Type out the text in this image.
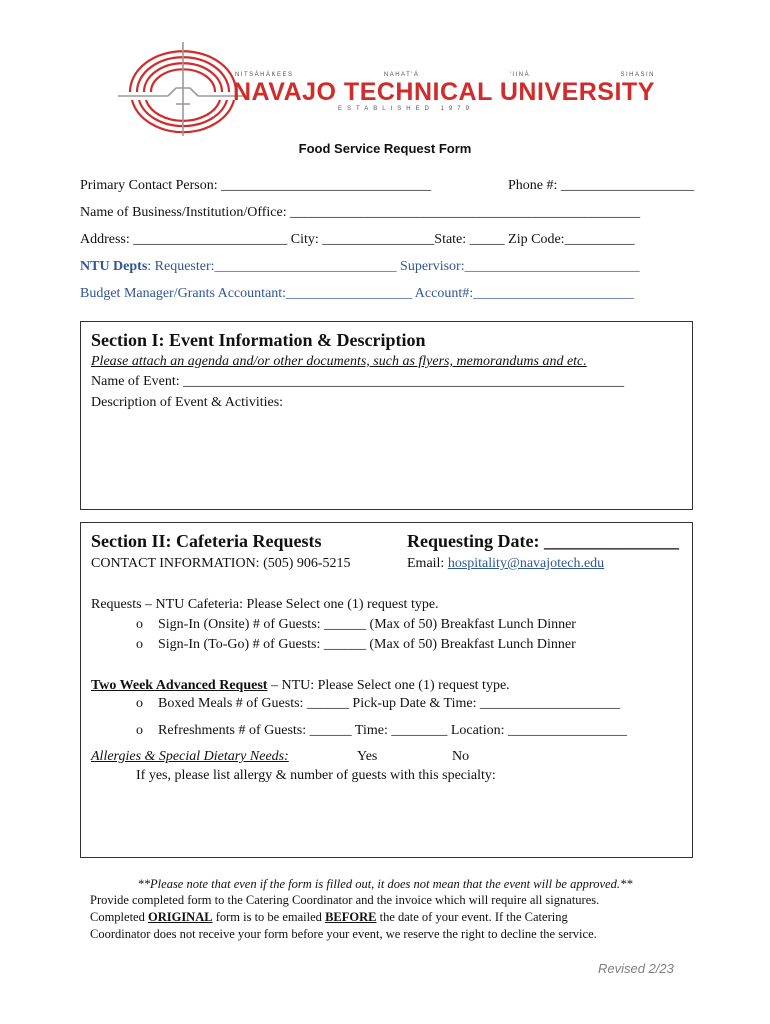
NITSÁHÁKEES	NAHAT'Á	'IINÁ	SIHASIN
NAVAJO TECHNICAL UNIVERSITY
ESTABLISHED 1979
Food Service Request Form
Primary Contact Person: ______________________________	Phone #: ___________________
Name of Business/Institution/Office: __________________________________________________
Address: ______________________ City: ________________State: _____ Zip Code:__________
NTU Depts: Requester:__________________________ Supervisor:_________________________
Budget Manager/Grants Accountant:__________________ Account#:_______________________
Section I: Event Information & Description
Please attach an agenda and/or other documents, such as flyers, memorandums and etc.
Name of Event: _______________________________________________________________
Description of Event & Activities:
Section II: Cafeteria Requests	Requesting Date: _______________
CONTACT INFORMATION: (505) 906-5215	Email: hospitality@navajotech.edu
Requests – NTU Cafeteria: Please Select one (1) request type.
o Sign-In (Onsite) # of Guests: ______ (Max of 50) Breakfast Lunch Dinner
o Sign-In (To-Go) # of Guests: ______ (Max of 50) Breakfast Lunch Dinner
Two Week Advanced Request – NTU: Please Select one (1) request type.
o Boxed Meals # of Guests: ______ Pick-up Date & Time: ____________________
o Refreshments # of Guests: ______ Time: ________ Location: _________________
Allergies & Special Dietary Needs:	Yes	No
If yes, please list allergy & number of guests with this specialty:
**Please note that even if the form is filled out, it does not mean that the event will be approved.**
Provide completed form to the Catering Coordinator and the invoice which will require all signatures.
Completed ORIGINAL form is to be emailed BEFORE the date of your event. If the Catering
Coordinator does not receive your form before your event, we reserve the right to decline the service.
Revised 2/23
